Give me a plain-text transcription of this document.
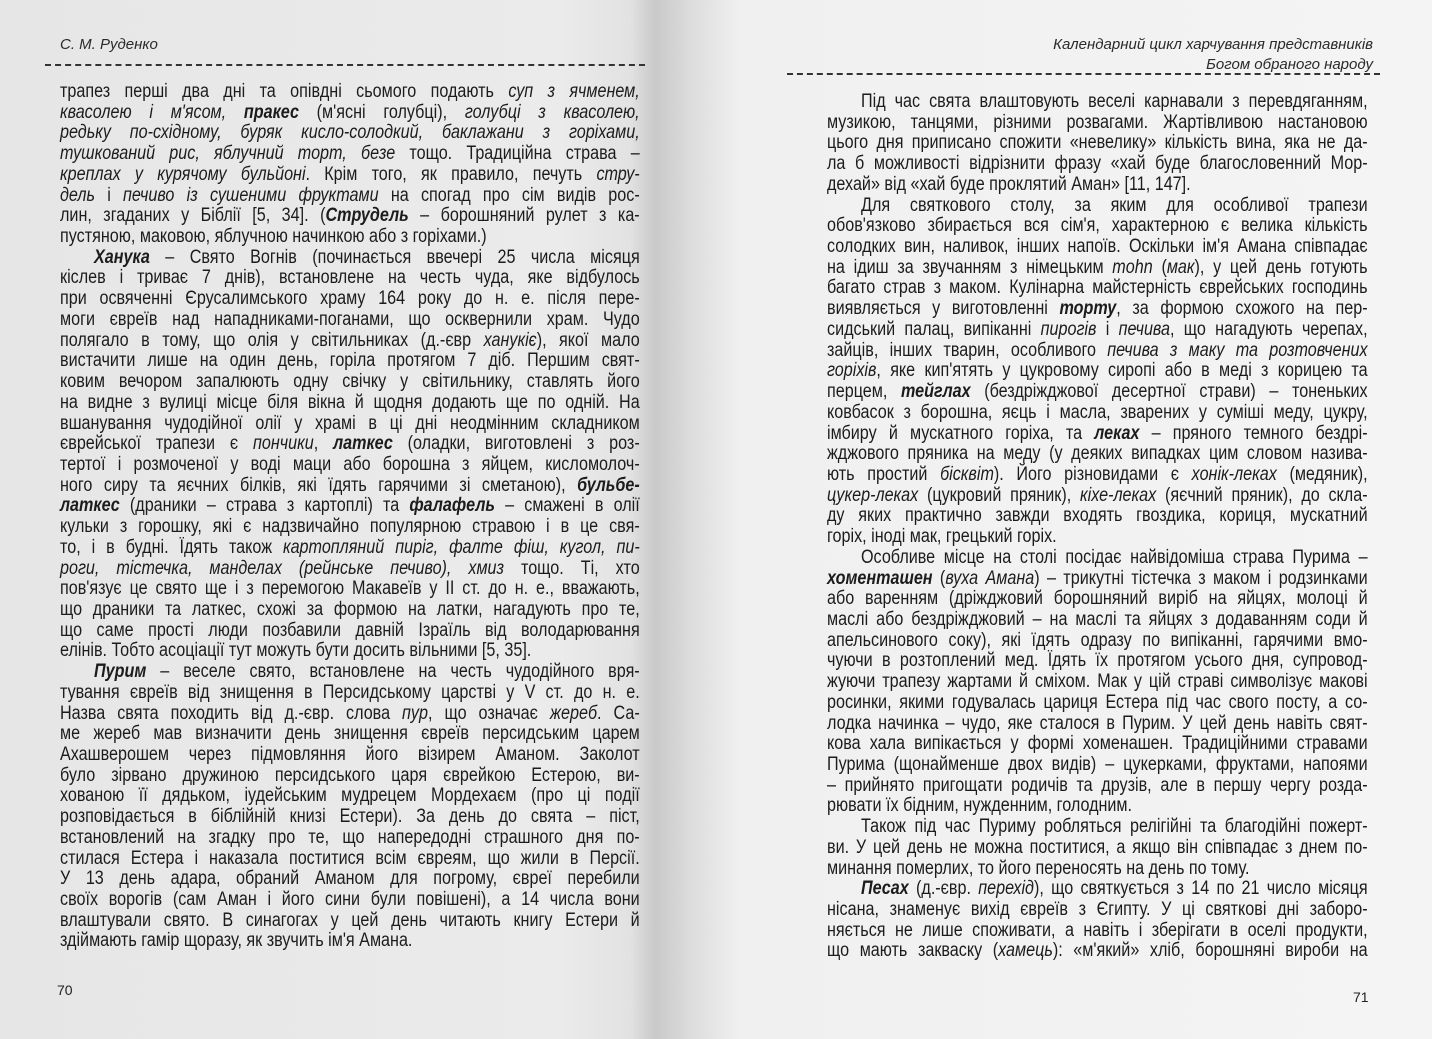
С. М. Руденко
трапез перші два дні та опівдні сьомого подають суп з ячменем,
квасолею і м'ясом, пракес (м'ясні голубці), голубці з квасолею,
редьку по-східному, буряк кисло-солодкий, баклажани з горіхами,
тушкований рис, яблучний торт, безе тощо. Традиційна страва –
креплах у курячому бульйоні. Крім того, як правило, печуть стру-
дель і печиво із сушеними фруктами на спогад про сім видів рос-
лин, згаданих у Біблії [5, 34]. (Струдель – борошняний рулет з ка-
пустяною, маковою, яблучною начинкою або з горіхами.)
Ханука – Свято Вогнів (починається ввечері 25 числа місяця
кіслев і триває 7 днів), встановлене на честь чуда, яке відбулось
при освяченні Єрусалимського храму 164 року до н. е. після пере-
моги євреїв над нападниками-поганами, що осквернили храм. Чудо
полягало в тому, що олія у світильниках (д.-євр ханукіє), якої мало
вистачити лише на один день, горіла протягом 7 діб. Першим свят-
ковим вечором запалюють одну свічку у світильнику, ставлять його
на видне з вулиці місце біля вікна й щодня додають ще по одній. На
вшанування чудодійної олії у храмі в ці дні неодмінним складником
єврейської трапези є пончики, латкес (оладки, виготовлені з роз-
тертої і розмоченої у воді маци або борошна з яйцем, кисломолоч-
ного сиру та яєчних білків, які їдять гарячими зі сметаною), бульбе-
латкес (драники – страва з картоплі) та фалафель – смажені в олії
кульки з горошку, які є надзвичайно популярною стравою і в це свя-
то, і в будні. Їдять також картопляний пиріг, фалте фіш, кугол, пи-
роги, тістечка, манделах (рейнське печиво), хмиз тощо. Ті, хто
пов'язує це свято ще і з перемогою Макавеїв у II ст. до н. е., вважають,
що драники та латкес, схожі за формою на латки, нагадують про те,
що саме прості люди позбавили давній Ізраїль від володарювання
елінів. Тобто асоціації тут можуть бути досить вільними [5, 35].
Пурим – веселе свято, встановлене на честь чудодійного вря-
тування євреїв від знищення в Персидському царстві у V ст. до н. е.
Назва свята походить від д.-євр. слова пур, що означає жереб. Са-
ме жереб мав визначити день знищення євреїв персидським царем
Ахашверошем через підмовляння його візирем Аманом. Заколот
було зірвано дружиною персидського царя єврейкою Естерою, ви-
хованою її дядьком, іудейським мудрецем Мордехаєм (про ці події
розповідається в біблійній книзі Естери). За день до свята – піст,
встановлений на згадку про те, що напередодні страшного дня по-
стилася Естера і наказала поститися всім євреям, що жили в Персії.
У 13 день адара, обраний Аманом для погрому, євреї перебили
своїх ворогів (сам Аман і його сини були повішені), а 14 числа вони
влаштували свято. В синагогах у цей день читають книгу Естери й
здіймають гамір щоразу, як звучить ім'я Амана.
70
Календарний цикл харчування представників
Богом обраного народу
Під час свята влаштовують веселі карнавали з перевдяганням,
музикою, танцями, різними розвагами. Жартівливою настановою
цього дня приписано спожити «невелику» кількість вина, яка не да-
ла б можливості відрізнити фразу «хай буде благословенний Мор-
дехай» від «хай буде проклятий Аман» [11, 147].
Для святкового столу, за яким для особливої трапези
обов'язково збирається вся сім'я, характерною є велика кількість
солодких вин, наливок, інших напоїв. Оскільки ім'я Амана співпадає
на ідиш за звучанням з німецьким mohn (мак), у цей день готують
багато страв з маком. Кулінарна майстерність єврейських господинь
виявляється у виготовленні торту, за формою схожого на пер-
сидський палац, випіканні пирогів і печива, що нагадують черепах,
зайців, інших тварин, особливого печива з маку та розтовчених
горіхів, яке кип'ятять у цукровому сиропі або в меді з корицею та
перцем, тейглах (бездріжджової десертної страви) – тоненьких
ковбасок з борошна, яєць і масла, зварених у суміші меду, цукру,
імбиру й мускатного горіха, та леках – пряного темного бездрі-
жджового пряника на меду (у деяких випадках цим словом назива-
ють простий бісквіт). Його різновидами є хонік-леках (медяник),
цукер-леках (цукровий пряник), кіхе-леках (яєчний пряник), до скла-
ду яких практично завжди входять гвоздика, кориця, мускатний
горіх, іноді мак, грецький горіх.
Особливе місце на столі посідає найвідоміша страва Пурима –
хоменташен (вуха Амана) – трикутні тістечка з маком і родзинками
або варенням (дріжджовий борошняний виріб на яйцях, молоці й
маслі або бездріжджовий – на маслі та яйцях з додаванням соди й
апельсинового соку), які їдять одразу по випіканні, гарячими вмо-
чуючи в розтоплений мед. Їдять їх протягом усього дня, супровод-
жуючи трапезу жартами й сміхом. Мак у цій страві символізує макові
росинки, якими годувалась цариця Естера під час свого посту, а со-
лодка начинка – чудо, яке сталося в Пурим. У цей день навіть свят-
кова хала випікається у формі хоменашен. Традиційними стравами
Пурима (щонайменше двох видів) – цукерками, фруктами, напоями
– прийнято пригощати родичів та друзів, але в першу чергу розда-
рювати їх бідним, нужденним, голодним.
Також під час Пуриму робляться релігійні та благодійні пожерт-
ви. У цей день не можна поститися, а якщо він співпадає з днем по-
минання померлих, то його переносять на день по тому.
Песах (д.-євр. перехід), що святкується з 14 по 21 число місяця
нісана, знаменує вихід євреїв з Єгипту. У ці святкові дні заборо-
няється не лише споживати, а навіть і зберігати в оселі продукти,
що мають закваску (хамець): «м'який» хліб, борошняні вироби на
71
